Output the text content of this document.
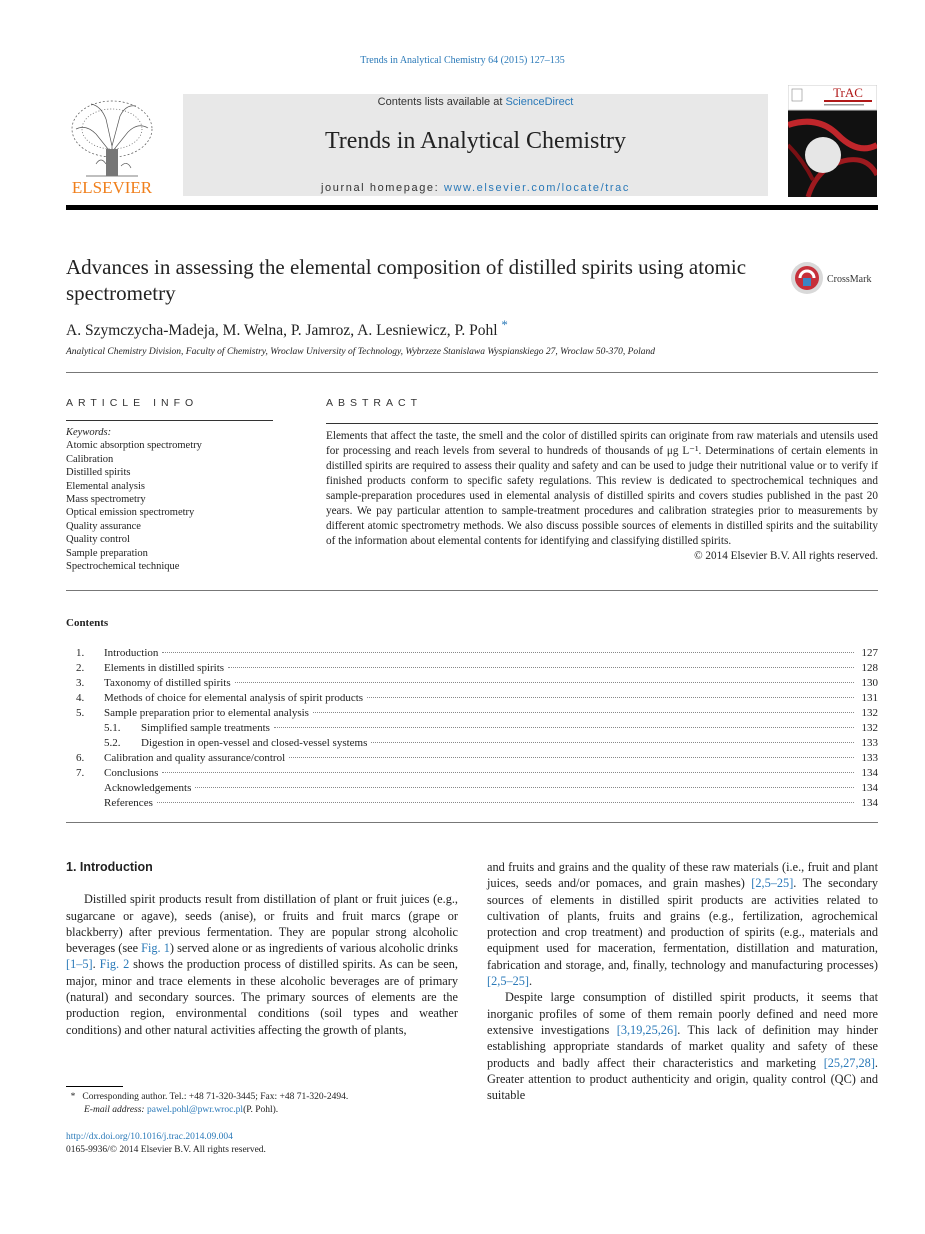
Trends in Analytical Chemistry 64 (2015) 127–135
ELSEVIER
Contents lists available at ScienceDirect
Trends in Analytical Chemistry
journal homepage: www.elsevier.com/locate/trac
TrAC
Advances in assessing the elemental composition of distilled spirits using atomic spectrometry
CrossMark
A. Szymczycha-Madeja, M. Welna, P. Jamroz, A. Lesniewicz, P. Pohl *
Analytical Chemistry Division, Faculty of Chemistry, Wroclaw University of Technology, Wybrzeze Stanislawa Wyspianskiego 27, Wroclaw 50-370, Poland
ARTICLE INFO
Keywords:
Atomic absorption spectrometry
Calibration
Distilled spirits
Elemental analysis
Mass spectrometry
Optical emission spectrometry
Quality assurance
Quality control
Sample preparation
Spectrochemical technique
ABSTRACT
Elements that affect the taste, the smell and the color of distilled spirits can originate from raw materials and utensils used for processing and reach levels from several to hundreds of thousands of μg L⁻¹. Determinations of certain elements in distilled spirits are required to assess their quality and safety and can be used to judge their nutritional value or to verify if finished products conform to specific safety regulations. This review is dedicated to spectrochemical techniques and sample-preparation procedures used in elemental analysis of distilled spirits and covers studies published in the past 20 years. We pay particular attention to sample-treatment procedures and calibration strategies prior to measurements by different atomic spectrometry methods. We also discuss possible sources of elements in distilled spirits and the suitability of the information about elemental contents for identifying and classifying distilled spirits.
© 2014 Elsevier B.V. All rights reserved.
Contents
1.	Introduction	127
2.	Elements in distilled spirits	128
3.	Taxonomy of distilled spirits	130
4.	Methods of choice for elemental analysis of spirit products	131
5.	Sample preparation prior to elemental analysis	132
5.1.	Simplified sample treatments	132
5.2.	Digestion in open-vessel and closed-vessel systems	133
6.	Calibration and quality assurance/control	133
7.	Conclusions	134
Acknowledgements	134
References	134
1. Introduction

Distilled spirit products result from distillation of plant or fruit juices (e.g., sugarcane or agave), seeds (anise), or fruits and fruit marcs (grape or blackberry) after previous fermentation. They are popular strong alcoholic beverages (see Fig. 1) served alone or as ingredients of various alcoholic drinks [1–5]. Fig. 2 shows the production process of distilled spirits. As can be seen, major, minor and trace elements in these alcoholic beverages are of primary (natural) and secondary sources. The primary sources of elements are the production region, environmental conditions (soil types and weather conditions) and other natural activities affecting the growth of plants,

and fruits and grains and the quality of these raw materials (i.e., fruit and plant juices, seeds and/or pomaces, and grain mashes) [2,5–25]. The secondary sources of elements in distilled spirit products are activities related to cultivation of plants, fruits and grains (e.g., fertilization, agrochemical protection and crop treatment) and production of spirits (e.g., materials and equipment used for maceration, fermentation, distillation and maturation, fabrication and storage, and, finally, technology and manufacturing processes) [2,5–25].

Despite large consumption of distilled spirit products, it seems that inorganic profiles of some of them remain poorly defined and need more extensive investigations [3,19,25,26]. This lack of definition may hinder establishing appropriate standards of market quality and safety of these products and badly affect their characteristics and marketing [25,27,28]. Greater attention to product authenticity and origin, quality control (QC) and suitable

* Corresponding author. Tel.: +48 71-320-3445; Fax: +48 71-320-2494.
E-mail address: pawel.pohl@pwr.wroc.pl(P. Pohl).
http://dx.doi.org/10.1016/j.trac.2014.09.004
0165-9936/© 2014 Elsevier B.V. All rights reserved.
